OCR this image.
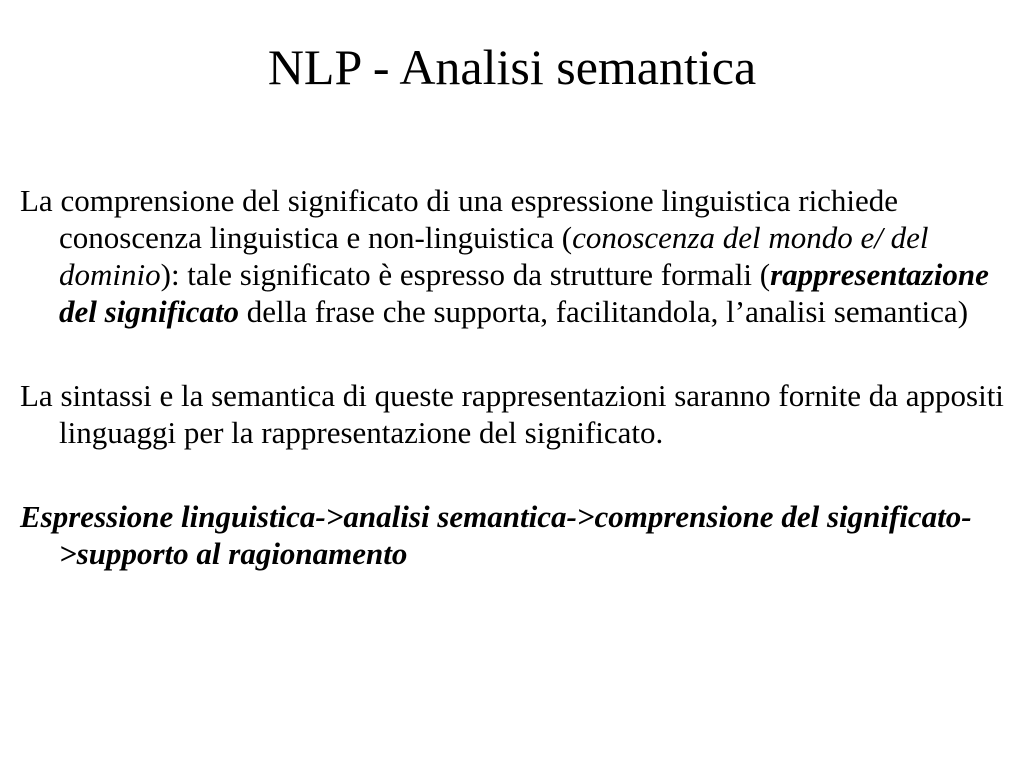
NLP - Analisi semantica

La comprensione del significato di una espressione linguistica richiede conoscenza linguistica e non-linguistica (conoscenza del mondo e/ del dominio): tale significato è espresso da strutture formali (rappresentazione del significato della frase che supporta, facilitandola, l’analisi semantica)

La sintassi e la semantica di queste rappresentazioni saranno fornite da appositi linguaggi per la rappresentazione del significato.

Espressione linguistica->analisi semantica->comprensione del significato->supporto al ragionamento
